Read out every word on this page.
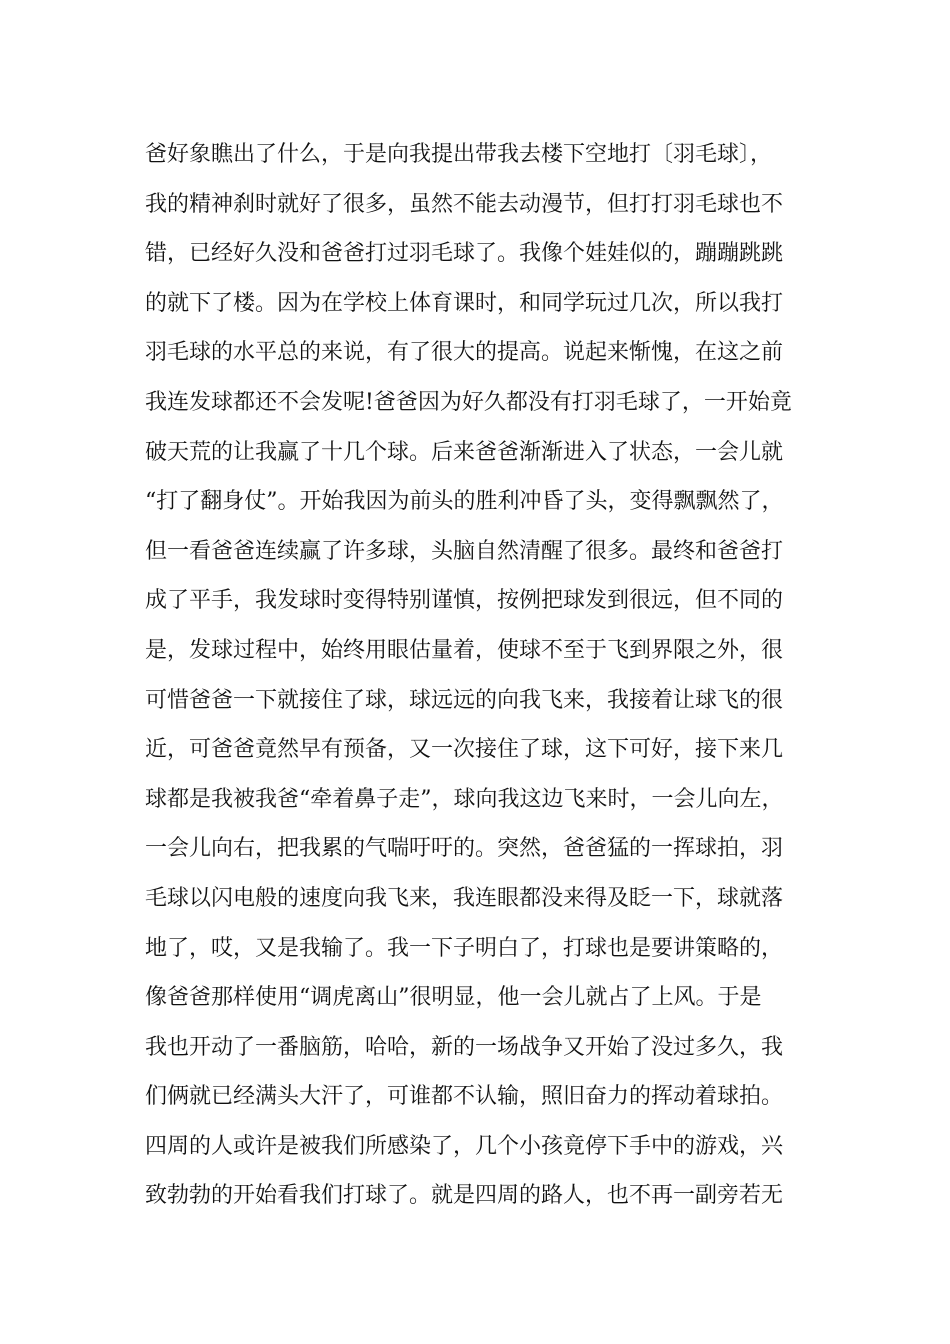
爸好象瞧出了什么，于是向我提出带我去楼下空地打〔羽毛球〕，
我的精神刹时就好了很多，虽然不能去动漫节，但打打羽毛球也不
错，已经好久没和爸爸打过羽毛球了。我像个娃娃似的，蹦蹦跳跳
的就下了楼。因为在学校上体育课时，和同学玩过几次，所以我打
羽毛球的水平总的来说，有了很大的提高。说起来惭愧，在这之前
我连发球都还不会发呢!爸爸因为好久都没有打羽毛球了，一开始竟
破天荒的让我赢了十几个球。后来爸爸渐渐进入了状态，一会儿就
“打了翻身仗”。开始我因为前头的胜利冲昏了头，变得飘飘然了，
但一看爸爸连续赢了许多球，头脑自然清醒了很多。最终和爸爸打
成了平手，我发球时变得特别谨慎，按例把球发到很远，但不同的
是，发球过程中，始终用眼估量着，使球不至于飞到界限之外，很
可惜爸爸一下就接住了球，球远远的向我飞来，我接着让球飞的很
近，可爸爸竟然早有预备，又一次接住了球，这下可好，接下来几
球都是我被我爸“牵着鼻子走”，球向我这边飞来时，一会儿向左，
一会儿向右，把我累的气喘吁吁的。突然，爸爸猛的一挥球拍，羽
毛球以闪电般的速度向我飞来，我连眼都没来得及眨一下，球就落
地了，哎，又是我输了。我一下子明白了，打球也是要讲策略的，
像爸爸那样使用“调虎离山”很明显，他一会儿就占了上风。于是
我也开动了一番脑筋，哈哈，新的一场战争又开始了没过多久，我
们俩就已经满头大汗了，可谁都不认输，照旧奋力的挥动着球拍。
四周的人或许是被我们所感染了，几个小孩竟停下手中的游戏，兴
致勃勃的开始看我们打球了。就是四周的路人，也不再一副旁若无
